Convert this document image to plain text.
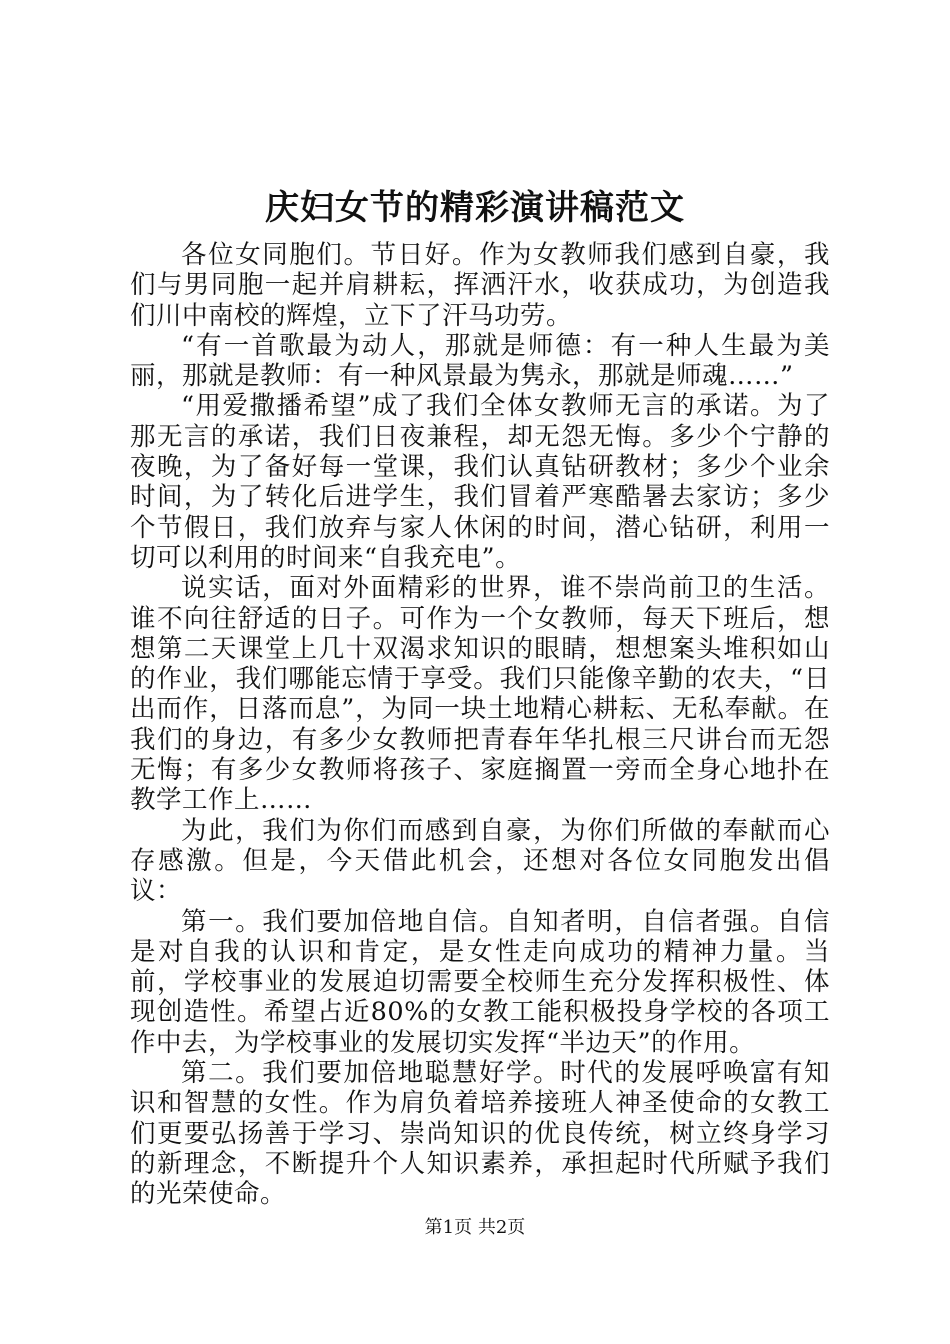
庆妇女节的精彩演讲稿范文

各位女同胞们。节日好。作为女教师我们感到自豪，我们与男同胞一起并肩耕耘，挥洒汗水，收获成功，为创造我们川中南校的辉煌，立下了汗马功劳。

“有一首歌最为动人，那就是师德：有一种人生最为美丽，那就是教师：有一种风景最为隽永，那就是师魂……”

“用爱撒播希望”成了我们全体女教师无言的承诺。为了那无言的承诺，我们日夜兼程，却无怨无悔。多少个宁静的夜晚，为了备好每一堂课，我们认真钻研教材；多少个业余时间，为了转化后进学生，我们冒着严寒酷暑去家访；多少个节假日，我们放弃与家人休闲的时间，潜心钻研，利用一切可以利用的时间来“自我充电”。

说实话，面对外面精彩的世界，谁不崇尚前卫的生活。谁不向往舒适的日子。可作为一个女教师，每天下班后，想想第二天课堂上几十双渴求知识的眼睛，想想案头堆积如山的作业，我们哪能忘情于享受。我们只能像辛勤的农夫，“日出而作，日落而息”，为同一块土地精心耕耘、无私奉献。在我们的身边，有多少女教师把青春年华扎根三尺讲台而无怨无悔；有多少女教师将孩子、家庭搁置一旁而全身心地扑在教学工作上……

为此，我们为你们而感到自豪，为你们所做的奉献而心存感激。但是，今天借此机会，还想对各位女同胞发出倡议：

第一。我们要加倍地自信。自知者明，自信者强。自信是对自我的认识和肯定，是女性走向成功的精神力量。当前，学校事业的发展迫切需要全校师生充分发挥积极性、体现创造性。希望占近80%的女教工能积极投身学校的各项工作中去，为学校事业的发展切实发挥“半边天”的作用。

第二。我们要加倍地聪慧好学。时代的发展呼唤富有知识和智慧的女性。作为肩负着培养接班人神圣使命的女教工们更要弘扬善于学习、崇尚知识的优良传统，树立终身学习的新理念，不断提升个人知识素养，承担起时代所赋予我们的光荣使命。

第1页 共2页
